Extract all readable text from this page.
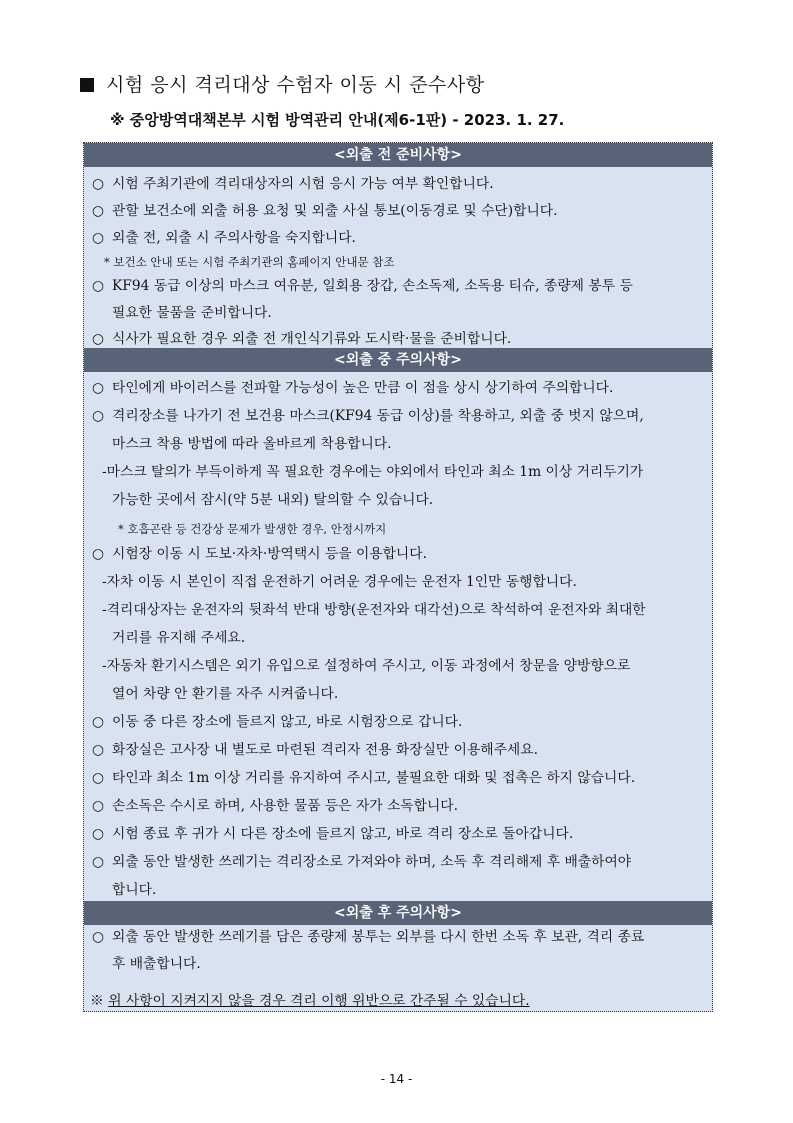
시험 응시 격리대상 수험자 이동 시 준수사항
※ 중앙방역대책본부 시험 방역관리 안내(제6-1판) - 2023. 1. 27.
<외출 전 준비사항>
○ 시험 주최기관에 격리대상자의 시험 응시 가능 여부 확인합니다.
○ 관할 보건소에 외출 허용 요청 및 외출 사실 통보(이동경로 및 수단)합니다.
○ 외출 전, 외출 시 주의사항을 숙지합니다.
* 보건소 안내 또는 시험 주최기관의 홈페이지 안내문 참조
○ KF94 동급 이상의 마스크 여유분, 일회용 장갑, 손소독제, 소독용 티슈, 종량제 봉투 등
필요한 물품을 준비합니다.
○ 식사가 필요한 경우 외출 전 개인식기류와 도시락·물을 준비합니다.
<외출 중 주의사항>
○ 타인에게 바이러스를 전파할 가능성이 높은 만큼 이 점을 상시 상기하여 주의합니다.
○ 격리장소를 나가기 전 보건용 마스크(KF94 동급 이상)를 착용하고, 외출 중 벗지 않으며,
마스크 착용 방법에 따라 올바르게 착용합니다.
-마스크 탈의가 부득이하게 꼭 필요한 경우에는 야외에서 타인과 최소 1m 이상 거리두기가
가능한 곳에서 잠시(약 5분 내외) 탈의할 수 있습니다.
* 호흡곤란 등 건강상 문제가 발생한 경우, 안정시까지
○ 시험장 이동 시 도보·자차·방역택시 등을 이용합니다.
-자차 이동 시 본인이 직접 운전하기 어려운 경우에는 운전자 1인만 동행합니다.
-격리대상자는 운전자의 뒷좌석 반대 방향(운전자와 대각선)으로 착석하여 운전자와 최대한
거리를 유지해 주세요.
-자동차 환기시스템은 외기 유입으로 설정하여 주시고, 이동 과정에서 창문을 양방향으로
열어 차량 안 환기를 자주 시켜줍니다.
○ 이동 중 다른 장소에 들르지 않고, 바로 시험장으로 갑니다.
○ 화장실은 고사장 내 별도로 마련된 격리자 전용 화장실만 이용해주세요.
○ 타인과 최소 1m 이상 거리를 유지하여 주시고, 불필요한 대화 및 접촉은 하지 않습니다.
○ 손소독은 수시로 하며, 사용한 물품 등은 자가 소독합니다.
○ 시험 종료 후 귀가 시 다른 장소에 들르지 않고, 바로 격리 장소로 돌아갑니다.
○ 외출 동안 발생한 쓰레기는 격리장소로 가져와야 하며, 소독 후 격리해제 후 배출하여야
합니다.
<외출 후 주의사항>
○ 외출 동안 발생한 쓰레기를 담은 종량제 봉투는 외부를 다시 한번 소독 후 보관, 격리 종료
후 배출합니다.
※ 위 사항이 지켜지지 않을 경우 격리 이행 위반으로 간주될 수 있습니다.
- 14 -
